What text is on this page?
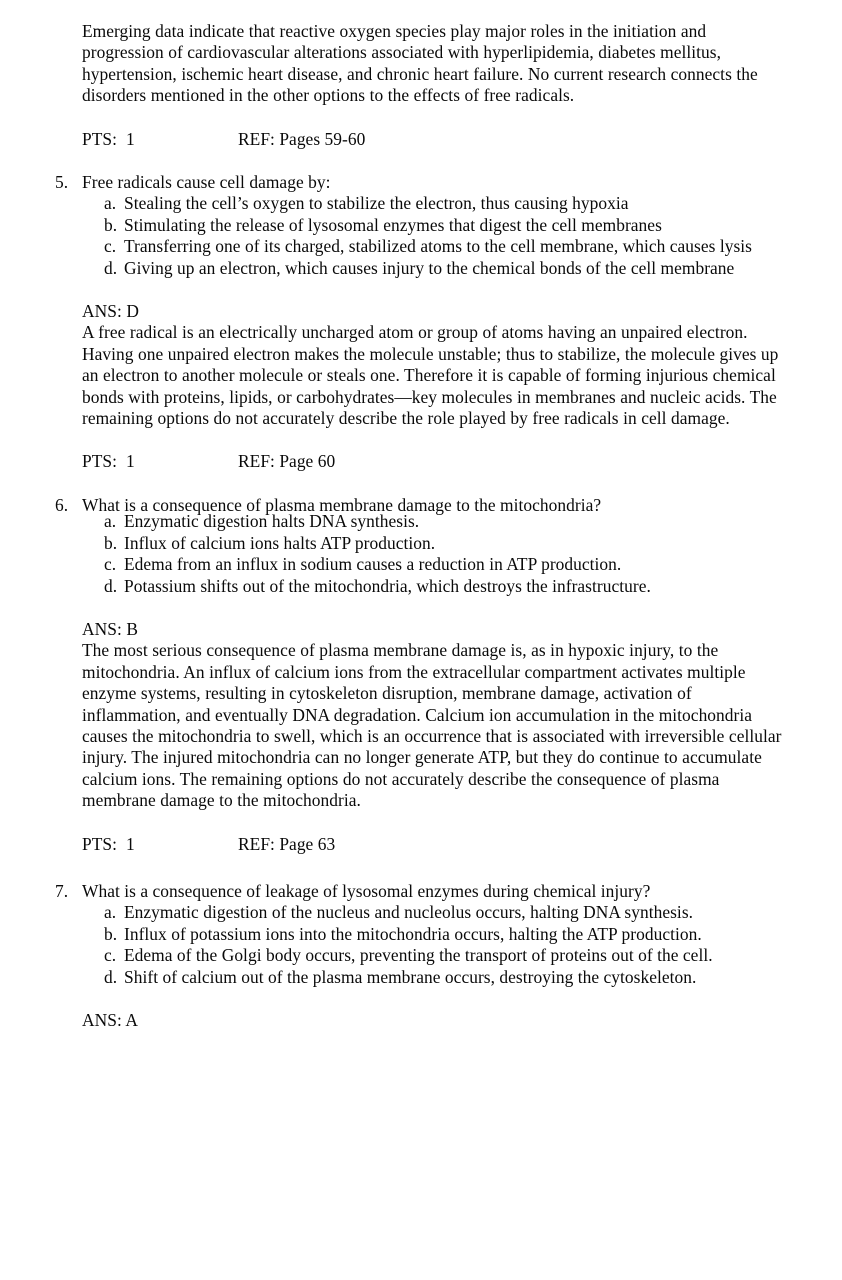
Emerging data indicate that reactive oxygen species play major roles in the initiation and progression of cardiovascular alterations associated with hyperlipidemia, diabetes mellitus, hypertension, ischemic heart disease, and chronic heart failure. No current research connects the disorders mentioned in the other options to the effects of free radicals.

PTS: 1	REF: Pages 59-60
5. Free radicals cause cell damage by:
a. Stealing the cell’s oxygen to stabilize the electron, thus causing hypoxia
b. Stimulating the release of lysosomal enzymes that digest the cell membranes
c. Transferring one of its charged, stabilized atoms to the cell membrane, which causes lysis
d. Giving up an electron, which causes injury to the chemical bonds of the cell membrane

ANS: D

A free radical is an electrically uncharged atom or group of atoms having an unpaired electron. Having one unpaired electron makes the molecule unstable; thus to stabilize, the molecule gives up an electron to another molecule or steals one. Therefore it is capable of forming injurious chemical bonds with proteins, lipids, or carbohydrates—key molecules in membranes and nucleic acids. The remaining options do not accurately describe the role played by free radicals in cell damage.

PTS: 1	REF: Page 60
6. What is a consequence of plasma membrane damage to the mitochondria?
a. Enzymatic digestion halts DNA synthesis.
b. Influx of calcium ions halts ATP production.
c. Edema from an influx in sodium causes a reduction in ATP production.
d. Potassium shifts out of the mitochondria, which destroys the infrastructure.

ANS: B

The most serious consequence of plasma membrane damage is, as in hypoxic injury, to the mitochondria. An influx of calcium ions from the extracellular compartment activates multiple enzyme systems, resulting in cytoskeleton disruption, membrane damage, activation of inflammation, and eventually DNA degradation. Calcium ion accumulation in the mitochondria causes the mitochondria to swell, which is an occurrence that is associated with irreversible cellular injury. The injured mitochondria can no longer generate ATP, but they do continue to accumulate calcium ions. The remaining options do not accurately describe the consequence of plasma membrane damage to the mitochondria.

PTS: 1	REF: Page 63
7. What is a consequence of leakage of lysosomal enzymes during chemical injury?
a. Enzymatic digestion of the nucleus and nucleolus occurs, halting DNA synthesis.
b. Influx of potassium ions into the mitochondria occurs, halting the ATP production.
c. Edema of the Golgi body occurs, preventing the transport of proteins out of the cell.
d. Shift of calcium out of the plasma membrane occurs, destroying the cytoskeleton.

ANS: A
